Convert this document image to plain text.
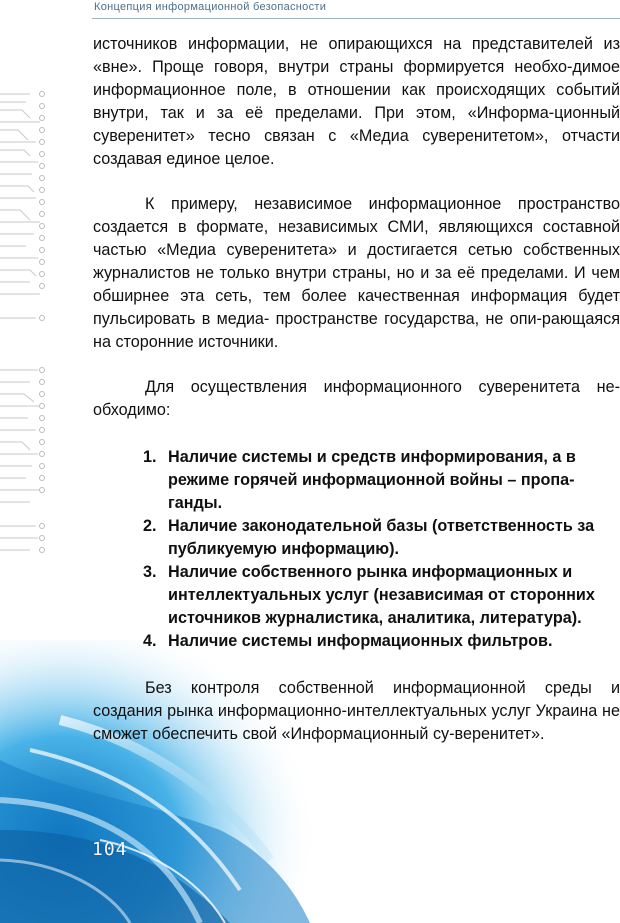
Концепция информационной безопасности

источников информации, не опирающихся на представителей из «вне». Проще говоря, внутри страны формируется необхо-димое информационное поле, в отношении как происходящих событий внутри, так и за её пределами. При этом, «Информа-ционный суверенитет» тесно связан с «Медиа суверенитетом», отчасти создавая единое целое.

К примеру, независимое информационное пространство создается в формате, независимых СМИ, являющихся составной частью «Медиа суверенитета» и достигается сетью собственных журналистов не только внутри страны, но и за её пределами. И чем обширнее эта сеть, тем более качественная информация будет пульсировать в медиа- пространстве государства, не опи-рающаяся на сторонние источники.

Для осуществления информационного суверенитета не-обходимо:

1. Наличие системы и средств информирования, а в режиме горячей информационной войны – пропа-ганды.
2. Наличие законодательной базы (ответственность за публикуемую информацию).
3. Наличие собственного рынка информационных и интеллектуальных услуг (независимая от сторонних источников журналистика, аналитика, литература).
4. Наличие системы информационных фильтров.

Без контроля собственной информационной среды и создания рынка информационно-интеллектуальных услуг Украина не сможет обеспечить свой «Информационный су-веренитет».

104
